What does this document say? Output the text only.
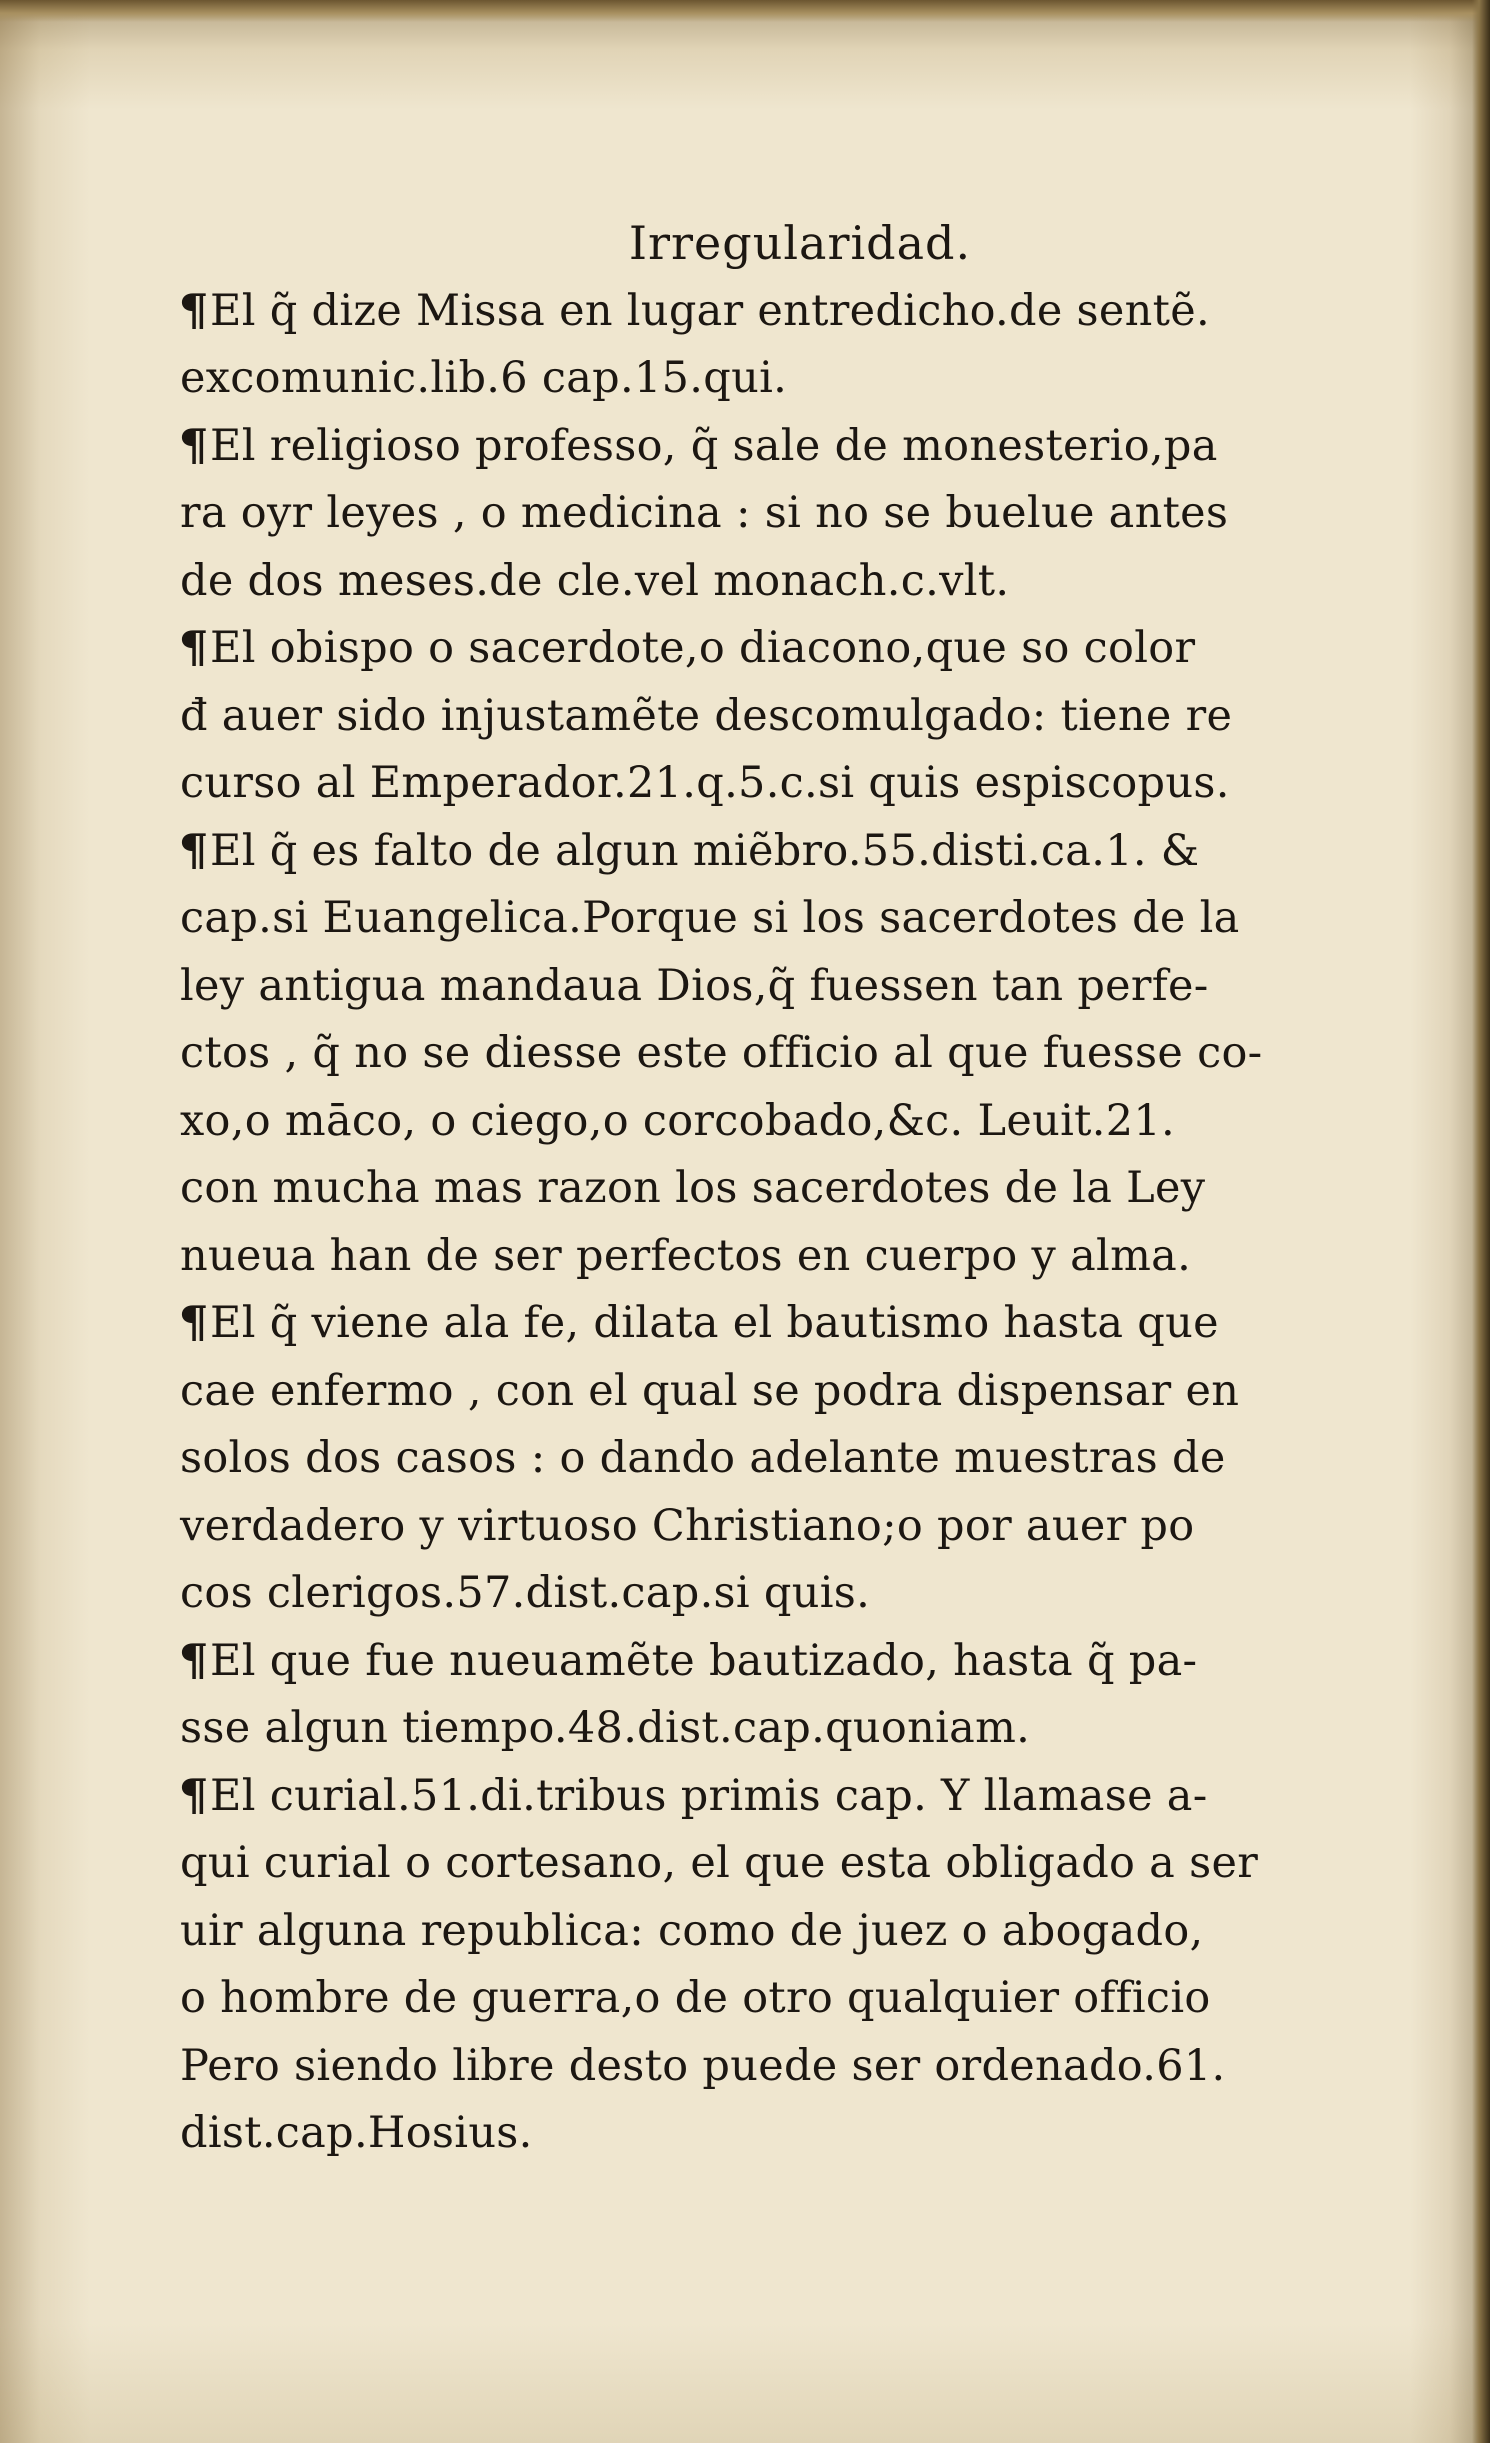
Irregularidad.
¶El q̃ dize Missa en lugar entredicho.de sentẽ.
excomunic.lib.6 cap.15.qui.
¶El religioso professo, q̃ sale de monesterio,pa
ra oyr leyes , o medicina : si no se buelue antes
de dos meses.de cle.vel monach.c.vlt.
¶El obispo o sacerdote,o diacono,que so color
đ auer sido injustamẽte descomulgado: tiene re
curso al Emperador.21.q.5.c.si quis espiscopus.
¶El q̃ es falto de algun miẽbro.55.disti.ca.1. &
cap.si Euangelica.Porque si los sacerdotes de la
ley antigua mandaua Dios,q̃ fuessen tan perfe-
ctos , q̃ no se diesse este officio al que fuesse co-
xo,o māco, o ciego,o corcobado,&c. Leuit.21.
con mucha mas razon los sacerdotes de la Ley
nueua han de ser perfectos en cuerpo y alma.
¶El q̃ viene ala fe, dilata el bautismo hasta que
cae enfermo , con el qual se podra dispensar en
solos dos casos : o dando adelante muestras de
verdadero y virtuoso Christiano;o por auer po
cos clerigos.57.dist.cap.si quis.
¶El que fue nueuamẽte bautizado, hasta q̃ pa-
sse algun tiempo.48.dist.cap.quoniam.
¶El curial.51.di.tribus primis cap. Y llamase a-
qui curial o cortesano, el que esta obligado a ser
uir alguna republica: como de juez o abogado,
o hombre de guerra,o de otro qualquier officio
Pero siendo libre desto puede ser ordenado.61.
dist.cap.Hosius.
